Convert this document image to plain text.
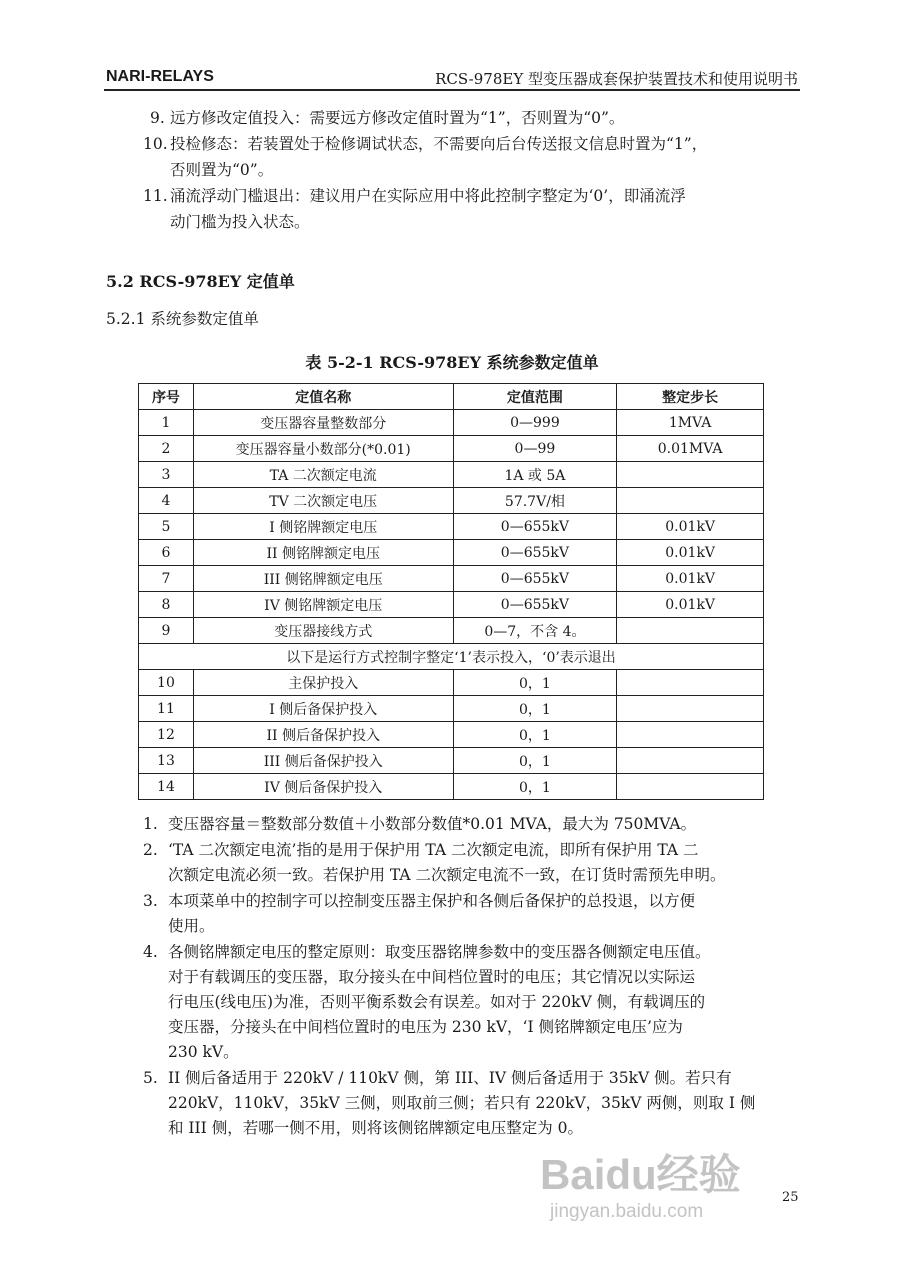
NARI-RELAYS	RCS-978EY 型变压器成套保护装置技术和使用说明书
9. 远方修改定值投入：需要远方修改定值时置为“1”，否则置为“0”。
10. 投检修态：若装置处于检修调试状态，不需要向后台传送报文信息时置为“1”，
否则置为“0”。
11. 涌流浮动门槛退出：建议用户在实际应用中将此控制字整定为‘0’，即涌流浮
动门槛为投入状态。
5.2 RCS-978EY 定值单
5.2.1 系统参数定值单
表 5-2-1 RCS-978EY 系统参数定值单
序号	定值名称	定值范围	整定步长
1	变压器容量整数部分	0—999	1MVA
2	变压器容量小数部分(*0.01)	0—99	0.01MVA
3	TA 二次额定电流	1A 或 5A	
4	TV 二次额定电压	57.7V/相	
5	I 侧铭牌额定电压	0—655kV	0.01kV
6	II 侧铭牌额定电压	0—655kV	0.01kV
7	III 侧铭牌额定电压	0—655kV	0.01kV
8	IV 侧铭牌额定电压	0—655kV	0.01kV
9	变压器接线方式	0—7，不含 4。	
以下是运行方式控制字整定‘1’表示投入，‘0’表示退出			
10	主保护投入	0，1	
11	I 侧后备保护投入	0，1	
12	II 侧后备保护投入	0，1	
13	III 侧后备保护投入	0，1	
14	IV 侧后备保护投入	0，1	
1. 变压器容量＝整数部分数值＋小数部分数值*0.01 MVA，最大为 750MVA。
2. ‘TA 二次额定电流’指的是用于保护用 TA 二次额定电流，即所有保护用 TA 二
次额定电流必须一致。若保护用 TA 二次额定电流不一致，在订货时需预先申明。
3. 本项菜单中的控制字可以控制变压器主保护和各侧后备保护的总投退，以方便
使用。
4. 各侧铭牌额定电压的整定原则：取变压器铭牌参数中的变压器各侧额定电压值。
对于有载调压的变压器，取分接头在中间档位置时的电压；其它情况以实际运
行电压(线电压)为准，否则平衡系数会有误差。如对于 220kV 侧，有载调压的
变压器，分接头在中间档位置时的电压为 230 kV，‘I 侧铭牌额定电压’应为
230 kV。
5. II 侧后备适用于 220kV / 110kV 侧，第 III、IV 侧后备适用于 35kV 侧。若只有
220kV，110kV，35kV 三侧，则取前三侧；若只有 220kV，35kV 两侧，则取 I 侧
和 III 侧，若哪一侧不用，则将该侧铭牌额定电压整定为 0。
Baidu经验
jingyan.baidu.com
25
